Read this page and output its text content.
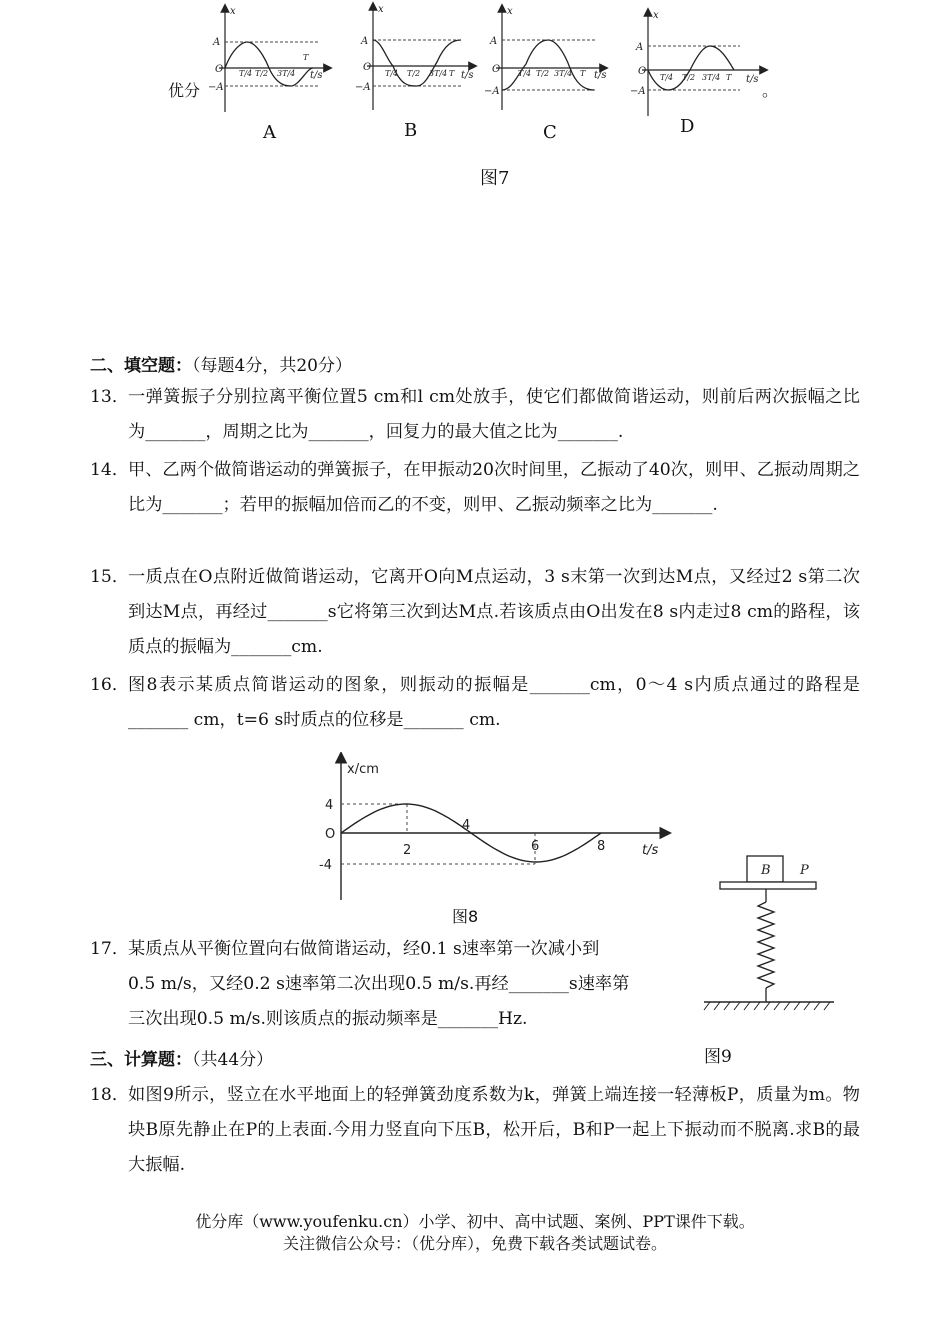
x
A
O
−A
T/4 T/2 3T/4
T
t/s
x
A
O
−A
T/4 T/2 3T/4 T t/s
x
A
O
−A
T/4 T/2 3T/4 T t/s
x
A
O
−A
T/4 T/2 3T/4 T t/s
优分	。
A	B	C	D
图7
二、填空题：（每题4分，共20分）
13．
一弹簧振子分别拉离平衡位置5 cm和l cm处放手，使它们都做简谐运动，则前后两次振幅之比为_______，周期之比为_______，回复力的最大值之比为_______.
14．
甲、乙两个做简谐运动的弹簧振子，在甲振动20次时间里，乙振动了40次，则甲、乙振动周期之比为_______；若甲的振幅加倍而乙的不变，则甲、乙振动频率之比为_______.
15．
一质点在O点附近做简谐运动，它离开O向M点运动，3 s末第一次到达M点，又经过2 s第二次到达M点，再经过_______s它将第三次到达M点.若该质点由O出发在8 s内走过8 cm的路程，该质点的振幅为_______cm.
16．
图8表示某质点简谐运动的图象，则振动的振幅是_______cm，0～4 s内质点通过的路程是_______ cm，t=6 s时质点的位移是_______ cm.
x/cm
4
O
-4
2
4
6	8	t/s
图8
B P
图9
17．
某质点从平衡位置向右做简谐运动，经0.1 s速率第一次减小到
0.5 m/s，又经0.2 s速率第二次出现0.5 m/s.再经_______s速率第
三次出现0.5 m/s.则该质点的振动频率是_______Hz.
三、计算题：（共44分）
18．
如图9所示，竖立在水平地面上的轻弹簧劲度系数为k，弹簧上端连接一轻薄板P，质量为m。物块B原先静止在P的上表面.今用力竖直向下压B，松开后，B和P一起上下振动而不脱离.求B的最大振幅.
优分库（www.youfenku.cn）小学、初中、高中试题、案例、PPT课件下载。
关注微信公众号：（优分库），免费下载各类试题试卷。
